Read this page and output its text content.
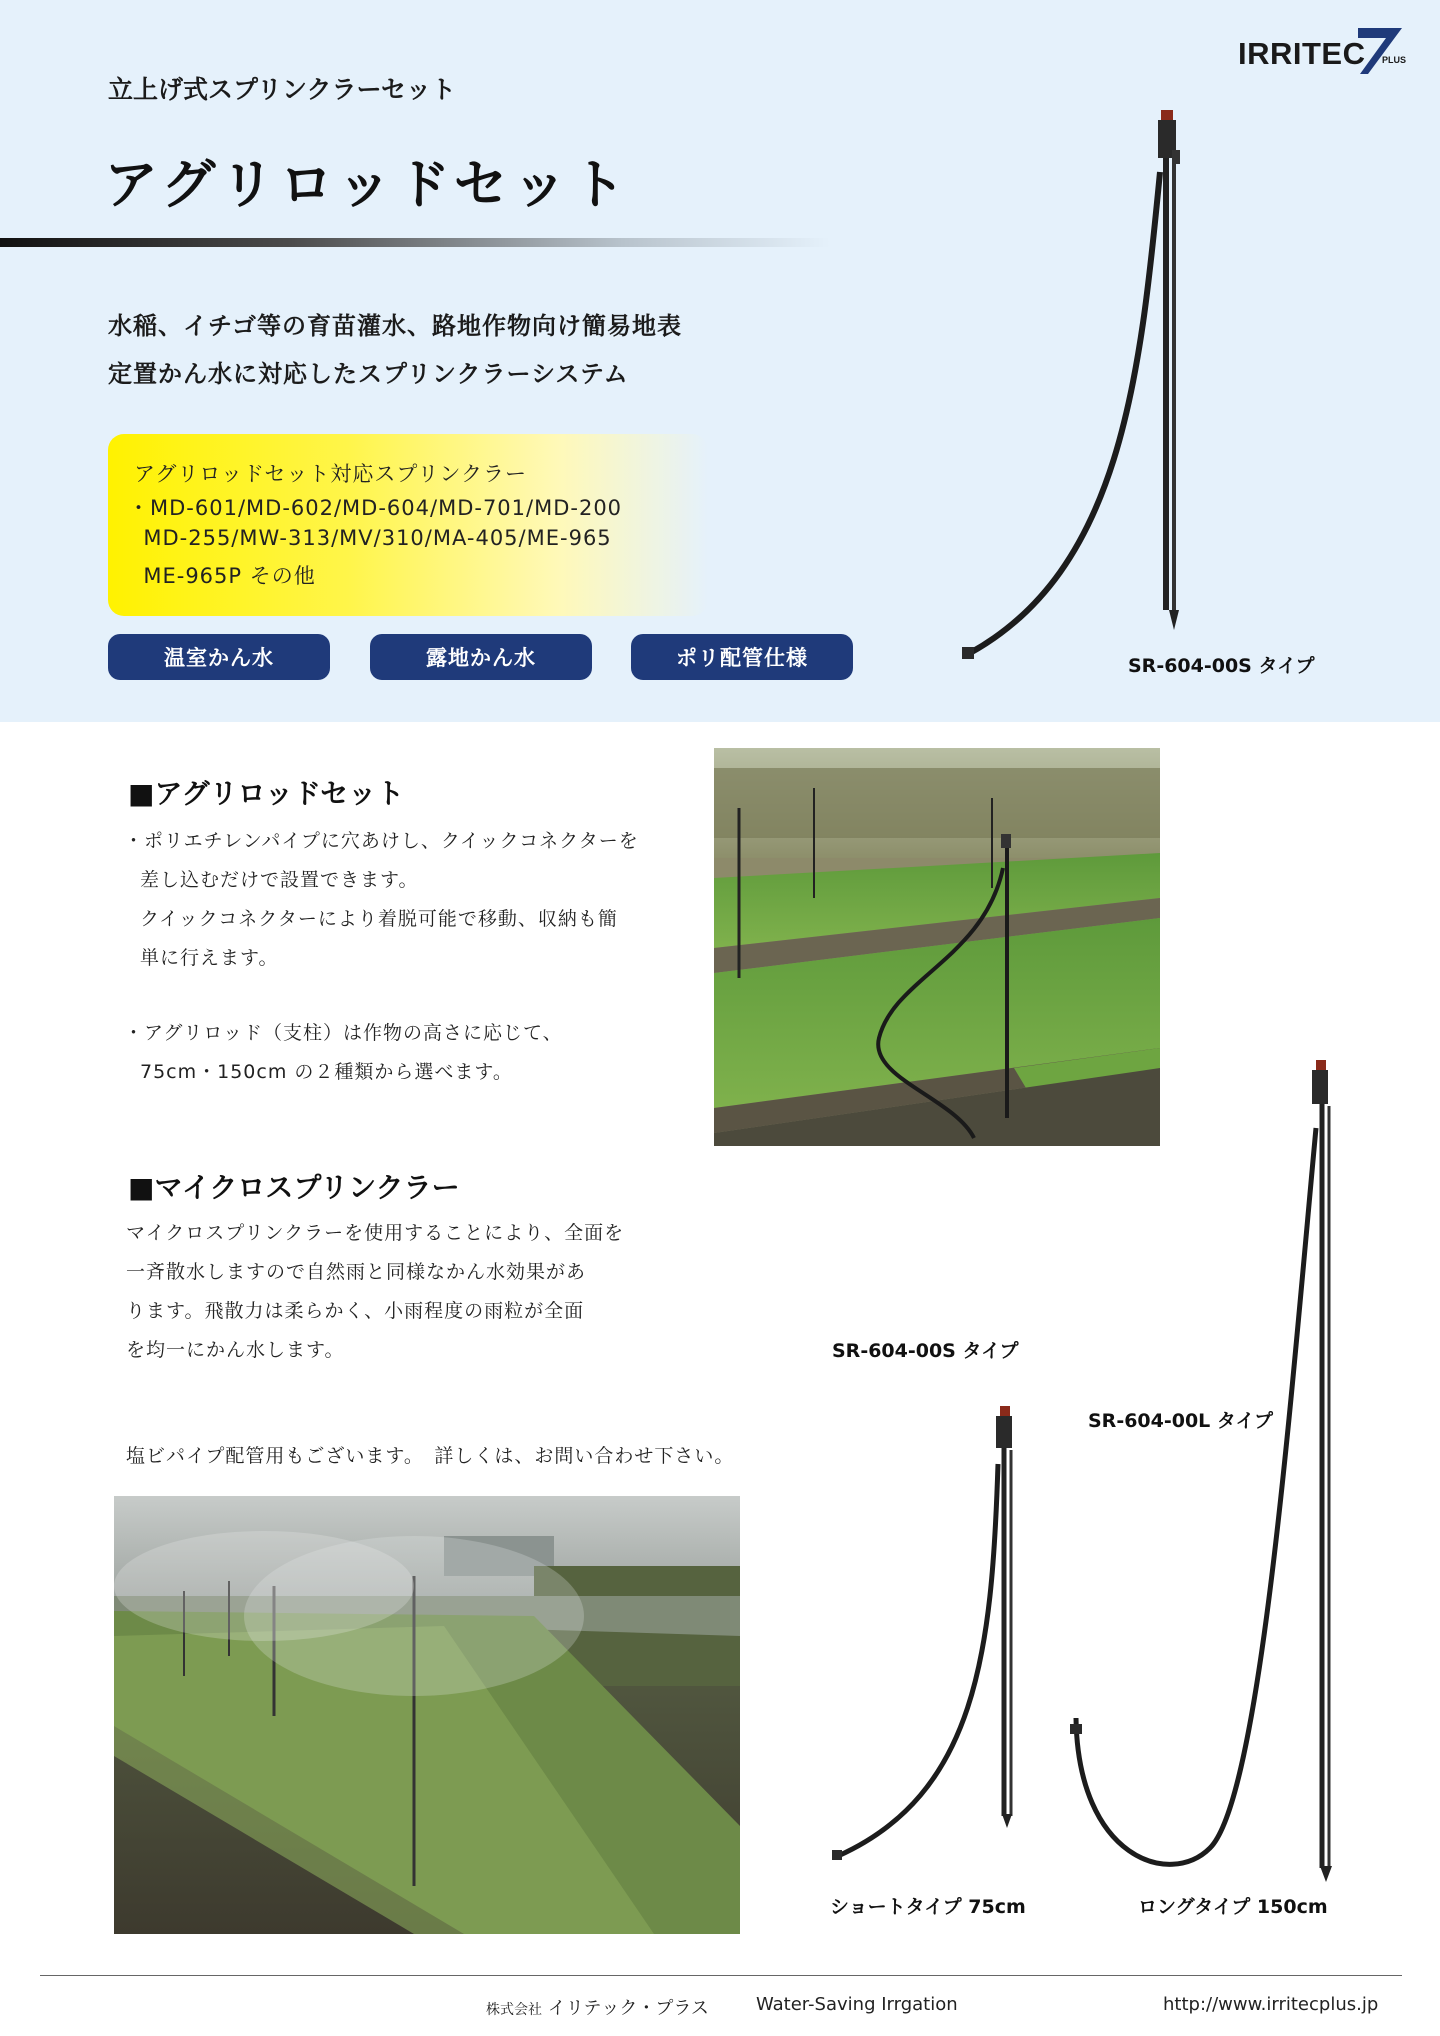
IRRITEC PLUS
立上げ式スプリンクラーセット
アグリロッドセット
水稲、イチゴ等の育苗灌水、路地作物向け簡易地表
定置かん水に対応したスプリンクラーシステム
アグリロッドセット対応スプリンクラー
・MD-601/MD-602/MD-604/MD-701/MD-200
MD-255/MW-313/MV/310/MA-405/ME-965
ME-965P その他
温室かん水	露地かん水	ポリ配管仕様	SR-604-00S タイプ
■アグリロッドセット
・ポリエチレンパイプに穴あけし、クイックコネクターを
差し込むだけで設置できます。
クイックコネクターにより着脱可能で移動、収納も簡
単に行えます。
・アグリロッド（支柱）は作物の高さに応じて、
75cm・150cm の２種類から選べます。
■マイクロスプリンクラー
マイクロスプリンクラーを使用することにより、全面を
一斉散水しますので自然雨と同様なかん水効果があ
ります。飛散力は柔らかく、小雨程度の雨粒が全面
を均一にかん水します。
塩ビパイプ配管用もございます。　詳しくは、お問い合わせ下さい。
SR-604-00S タイプ
SR-604-00L タイプ
ショートタイプ 75cm	ロングタイプ 150cm
株式会社 イリテック・プラス	Water-Saving Irrgation	http://www.irritecplus.jp
